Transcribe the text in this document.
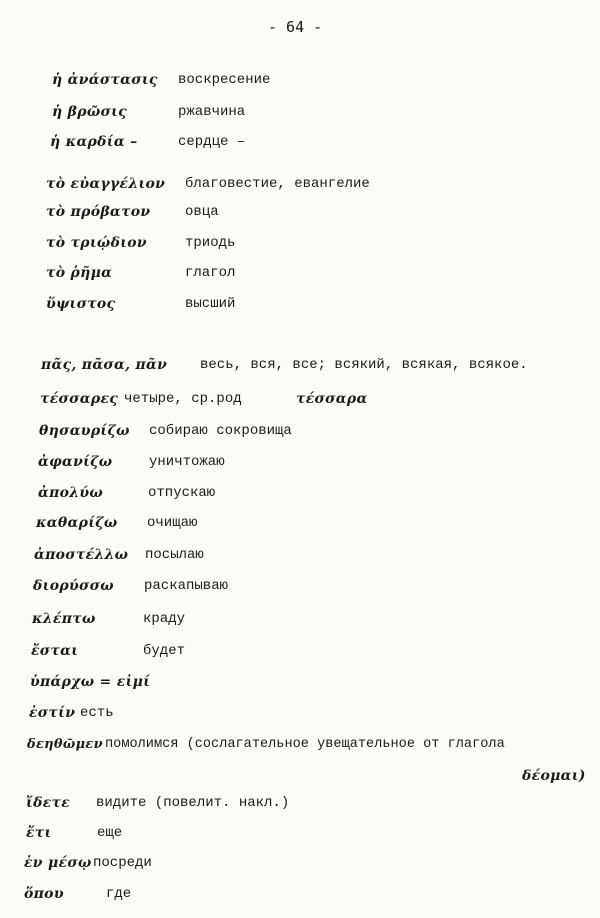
- 64 -
ἡ ἀνάστασις воскресение
ἡ βρῶσις	ржавчина
ἡ καρδία –	сердце –
τὸ εὐαγγέλιον благовестие, евангелие
τὸ πρόβατον овца
τὸ τριῴδιον	триодь
τὸ ῥῆμα	глагол
ὕψιστος	высший
πᾶς, πᾶσα, πᾶν весь, вся, все; всякий, всякая, всякое.
τέσσαρες четыре, ср.род	τέσσαρα
θησαυρίζω собираю сокровища
ἀφανίζω	уничтожаю
ἀπολύω	отпускаю
καθαρίζω очищаю
ἀποστέλλω посылаю
διορύσσω раскапываю
κλέπτω	краду
ἔσται	будет
ὑπάρχω = εἰμί
ἐστίν есть
δεηθῶμεν помолимся (сослагательное увещательное от глагола
δέομαι)
ἴδετε видите (повелит. накл.)
ἔτι	еще
ἐν μέσῳ посреди
ὅπου	где
